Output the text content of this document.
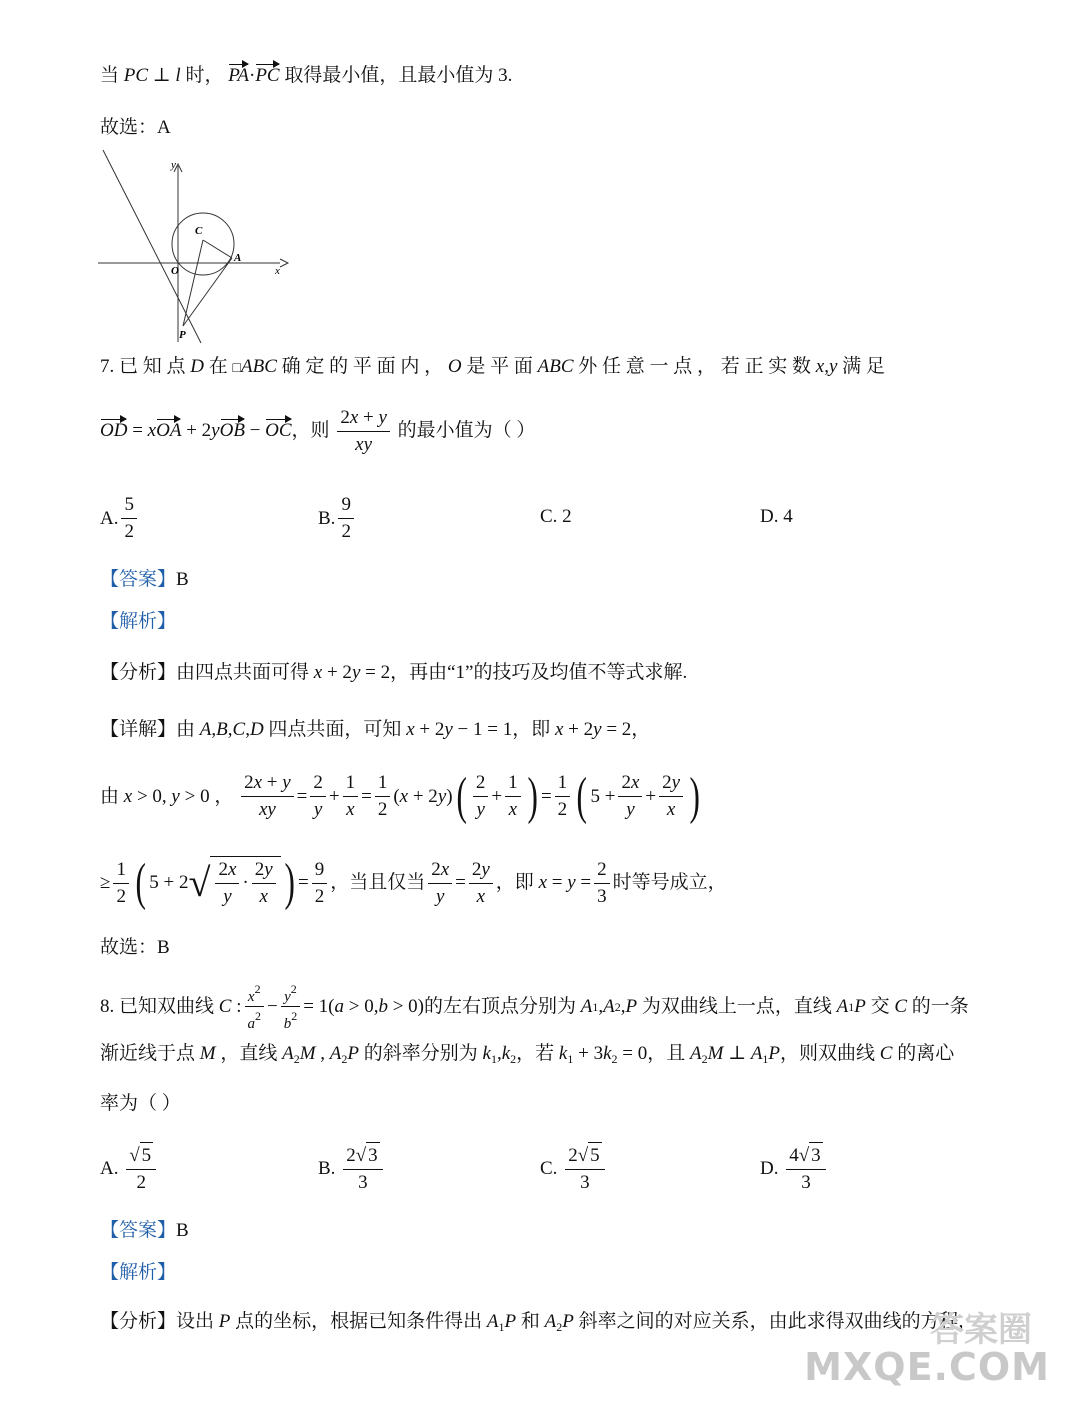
当 PC ⊥ l 时， PA·PC 取得最小值，且最小值为 3.
故选：A
y
x
O
C
A
P
7. 已 知 点 D 在 □ABC 确 定 的 平 面 内 ， O 是 平 面 ABC 外 任 意 一 点 ， 若 正 实 数 x,y 满 足
OD = xOA + 2yOB − OC，则 $\frac{2x + y}{xy}$ 的最小值为（ ）
A. $\frac{5}{2}$	B. $\frac{9}{2}$	C. 2	D. 4
【答案】B
【解析】
【分析】由四点共面可得 x + 2y = 2，再由“1”的技巧及均值不等式求解.
【详解】由 A,B,C,D 四点共面，可知 x + 2y − 1 = 1，即 x + 2y = 2，
由
x > 0, y > 0 ， $\frac{2x + y}{xy} = \frac{2}{y} + \frac{1}{x} = \frac{1}{2}$ ( x + 2 y ) ( $\frac{2}{y} + \frac{1}{x}$ ) = $\frac{1}{2}$ ( $5 + \frac{2x}{y} + \frac{2y}{x}$ )
≥ $\frac{1}{2}$ ( 5 + 2 √ $\frac{2x}{y} \cdot \frac{2y}{x}$ ) = $\frac{9}{2}$ ，当且仅当 $\frac{2x}{y} = \frac{2y}{x}$ ，即
$x = y = \frac{2}{3}$ 时等号成立，
故选：B
8. 已知双曲线
C : $\frac{x^2}{a^2} - \frac{y^2}{b^2} = 1$( a > 0, b > 0) 的左右顶点分别为
A 1 , A 2 , P
为双曲线上一点，直线
A 1 P
交
C
的一条
渐近线于点 M ，直线 $A_2M$ , $A_2P$ 的斜率分别为 $k_1,k_2$，若 $k_1 + 3k_2 = 0$，且 $A_2M$ ⊥ $A_1P$，则双曲线 C 的离心
率为（ ）
A.
$\frac{√ 5}{2}$	B.
$\frac{2√ 3}{3}$	C.
$\frac{2√ 5}{3}$	D.
$\frac{4√ 3}{3}$
【答案】B
【解析】
【分析】设出 P 点的坐标，根据已知条件得出 $A_1P$ 和 $A_2P$ 斜率之间的对应关系，由此求得双曲线的方程,
答案圈
MXQE.COM
